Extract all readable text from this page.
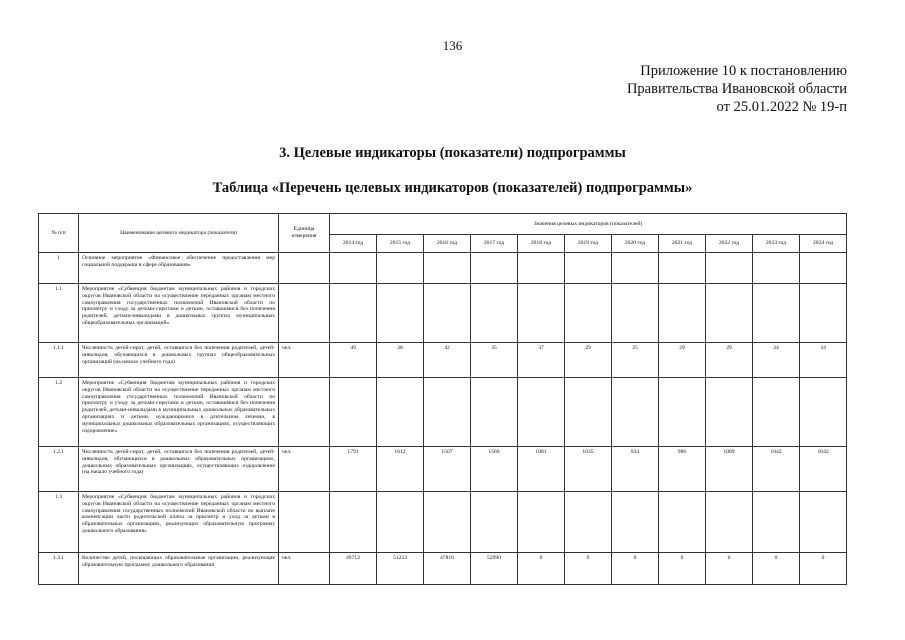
136
Приложение 10 к постановлению
Правительства Ивановской области
от 25.01.2022 № 19-п
3. Целевые индикаторы (показатели) подпрограммы
Таблица «Перечень целевых индикаторов (показателей) подпрограммы»
№ п/п	Наименование целевого индикатора (показателя)	Единица измерения	Значения целевых индикаторов (показателей)										
			2014 год	2015 год	2016 год	2017 год	2018 год	2019 год	2020 год	2021 год	2022 год	2023 год	2024 год
1	Основное мероприятие «Финансовое обеспечение предоставления мер социальной поддержки в сфере образования»												
1.1	Мероприятие «Субвенция бюджетам муниципальных районов и городских округов Ивановской области на осуществление переданных органам местного самоуправления государственных полномочий Ивановской области по присмотру и уходу за детьми-сиротами и детьми, оставшимися без попечения родителей, детьми-инвалидами в дошкольных группах муниципальных общеобразовательных организаций»												
1.1.1	Численность детей-сирот, детей, оставшихся без попечения родителей, детей-инвалидов, обучающихся в дошкольных группах общеобразовательных организаций (на начало учебного года)	чел.	49	38	42	35	37	29	25	29	29	34	34
1.2	Мероприятие «Субвенция бюджетам муниципальных районов и городских округов Ивановской области на осуществление переданных органам местного самоуправления государственных полномочий Ивановской области по присмотру и уходу за детьми-сиротами и детьми, оставшимися без попечения родителей, детьми-инвалидами в муниципальных дошкольных образовательных организациях и детьми, нуждающимися в длительном лечении, в муниципальных дошкольных образовательных организациях, осуществляющих оздоровление»												
1.2.1	Численность детей-сирот, детей, оставшихся без попечения родителей, детей-инвалидов, обучающихся в дошкольных образовательных организациях, дошкольных образовательных организациях, осуществляющих оздоровление (на начало учебного года)	чел.	1791	1612	1507	1569	1081	1035	934	986	1009	1042	1042
1.3	Мероприятие «Субвенция бюджетам муниципальных районов и городских округов Ивановской области на осуществление переданных органам местного самоуправления государственных полномочий Ивановской области по выплате компенсации части родительской платы за присмотр и уход за детьми в образовательных организациях, реализующих образовательную программу дошкольного образования»												
1.3.1	Количество детей, посещающих образовательные организации, реализующие образовательную программу дошкольного образования	чел.	49712	51222	47816	52990	0	0	0	0	0	0	0
